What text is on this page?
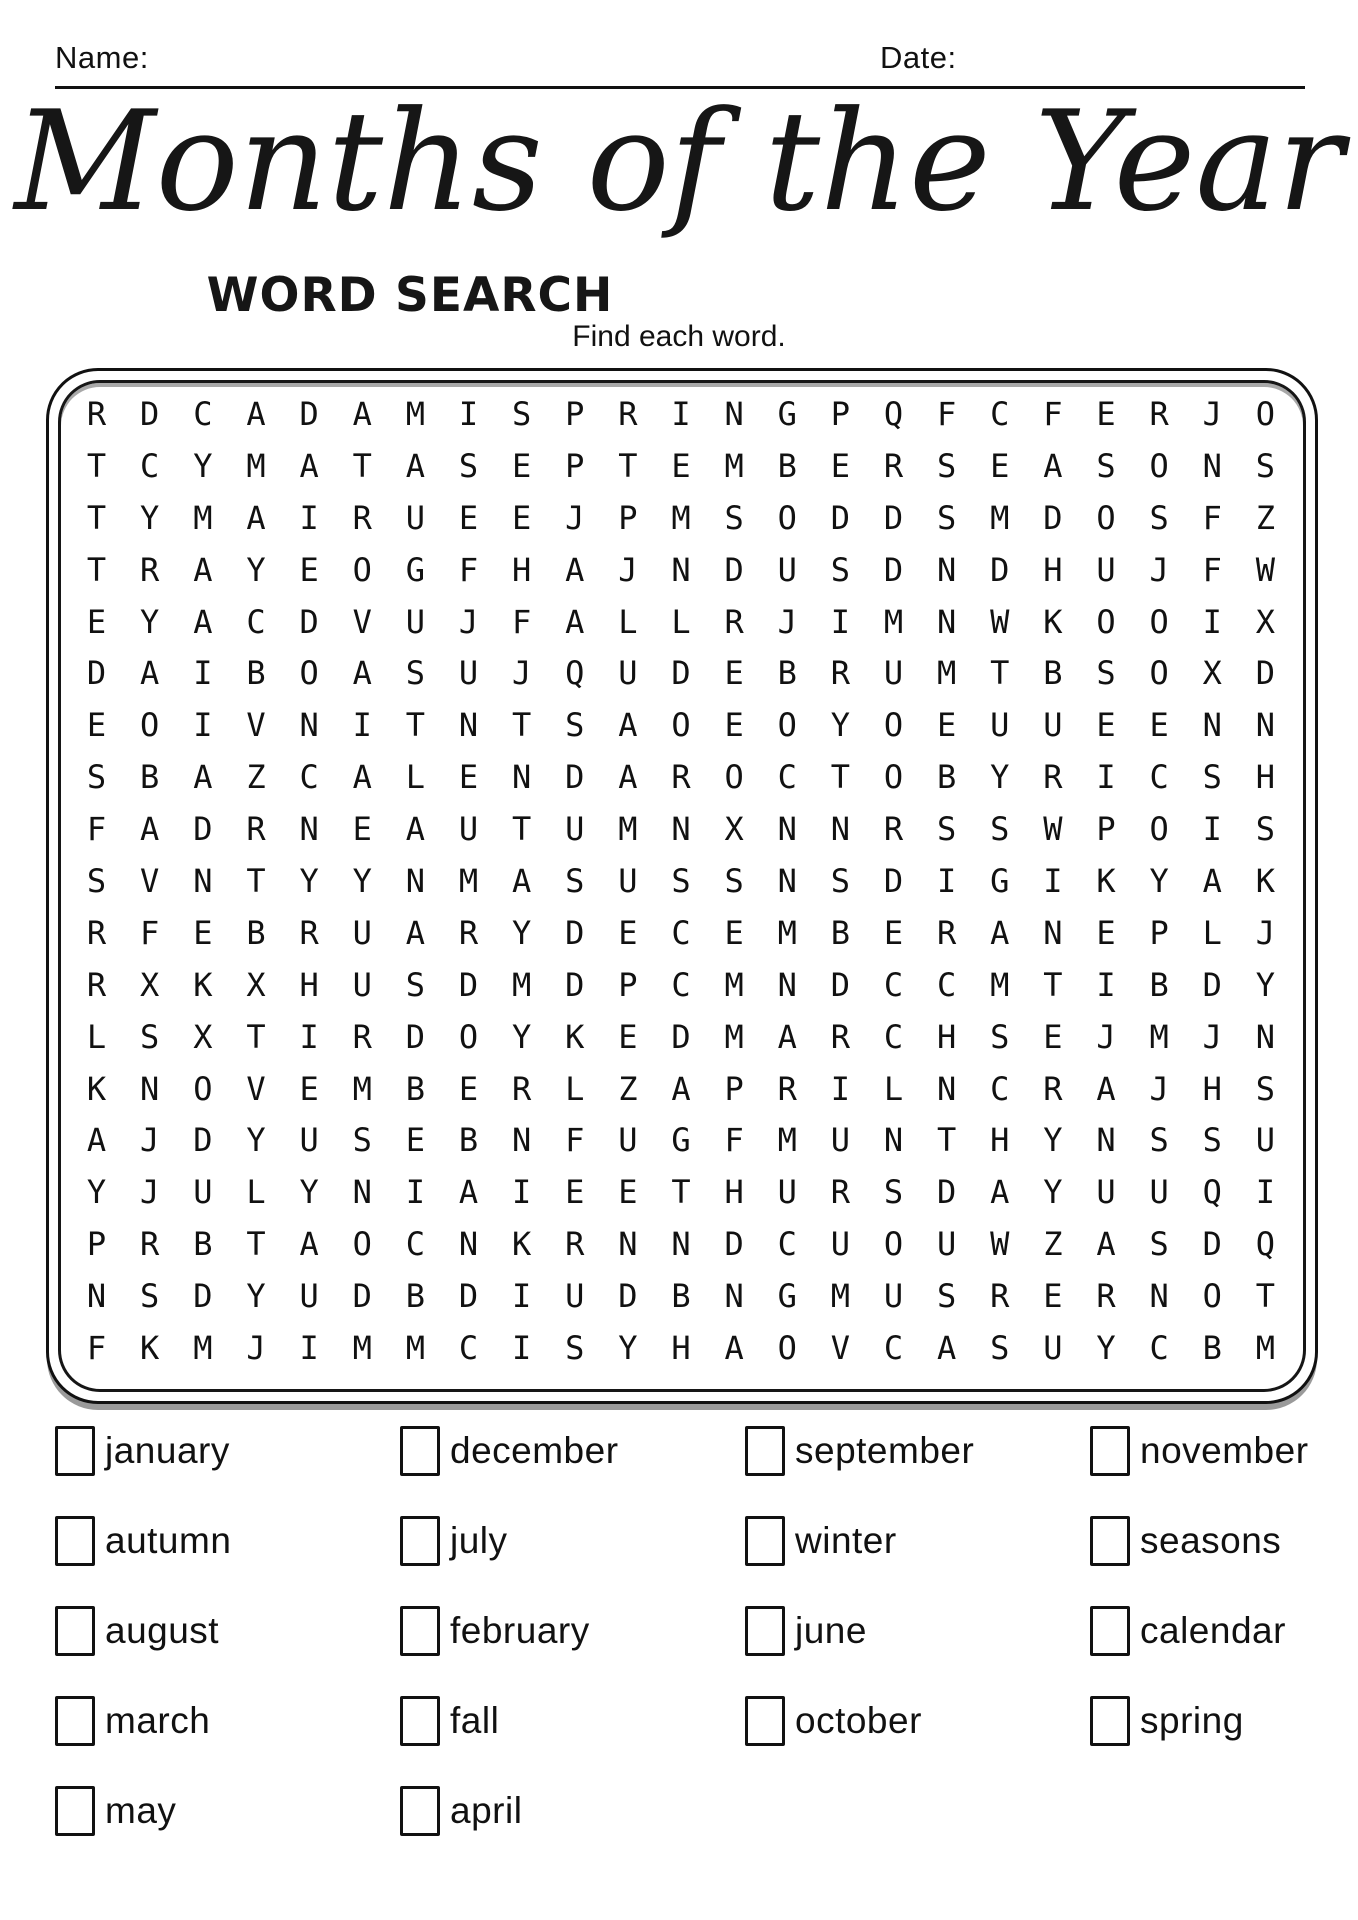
Name:	Date:
Months of the Year
WORD SEARCH
Find each word.
R	D	C	A	D	A	M	I	S	P	R	I	N	G	P	Q	F	C	F	E	R	J	O
T	C	Y	M	A	T	A	S	E	P	T	E	M	B	E	R	S	E	A	S	O	N	S
T	Y	M	A	I	R	U	E	E	J	P	M	S	O	D	D	S	M	D	O	S	F	Z
T	R	A	Y	E	O	G	F	H	A	J	N	D	U	S	D	N	D	H	U	J	F	W
E	Y	A	C	D	V	U	J	F	A	L	L	R	J	I	M	N	W	K	O	O	I	X
D	A	I	B	O	A	S	U	J	Q	U	D	E	B	R	U	M	T	B	S	O	X	D
E	O	I	V	N	I	T	N	T	S	A	O	E	O	Y	O	E	U	U	E	E	N	N
S	B	A	Z	C	A	L	E	N	D	A	R	O	C	T	O	B	Y	R	I	C	S	H
F	A	D	R	N	E	A	U	T	U	M	N	X	N	N	R	S	S	W	P	O	I	S
S	V	N	T	Y	Y	N	M	A	S	U	S	S	N	S	D	I	G	I	K	Y	A	K
R	F	E	B	R	U	A	R	Y	D	E	C	E	M	B	E	R	A	N	E	P	L	J
R	X	K	X	H	U	S	D	M	D	P	C	M	N	D	C	C	M	T	I	B	D	Y
L	S	X	T	I	R	D	O	Y	K	E	D	M	A	R	C	H	S	E	J	M	J	N
K	N	O	V	E	M	B	E	R	L	Z	A	P	R	I	L	N	C	R	A	J	H	S
A	J	D	Y	U	S	E	B	N	F	U	G	F	M	U	N	T	H	Y	N	S	S	U
Y	J	U	L	Y	N	I	A	I	E	E	T	H	U	R	S	D	A	Y	U	U	Q	I
P	R	B	T	A	O	C	N	K	R	N	N	D	C	U	O	U	W	Z	A	S	D	Q
N	S	D	Y	U	D	B	D	I	U	D	B	N	G	M	U	S	R	E	R	N	O	T
F	K	M	J	I	M	M	C	I	S	Y	H	A	O	V	C	A	S	U	Y	C	B	M
january
autumn
august
march
may
december
july
february
fall
april
september
winter
june
october
november
seasons
calendar
spring
